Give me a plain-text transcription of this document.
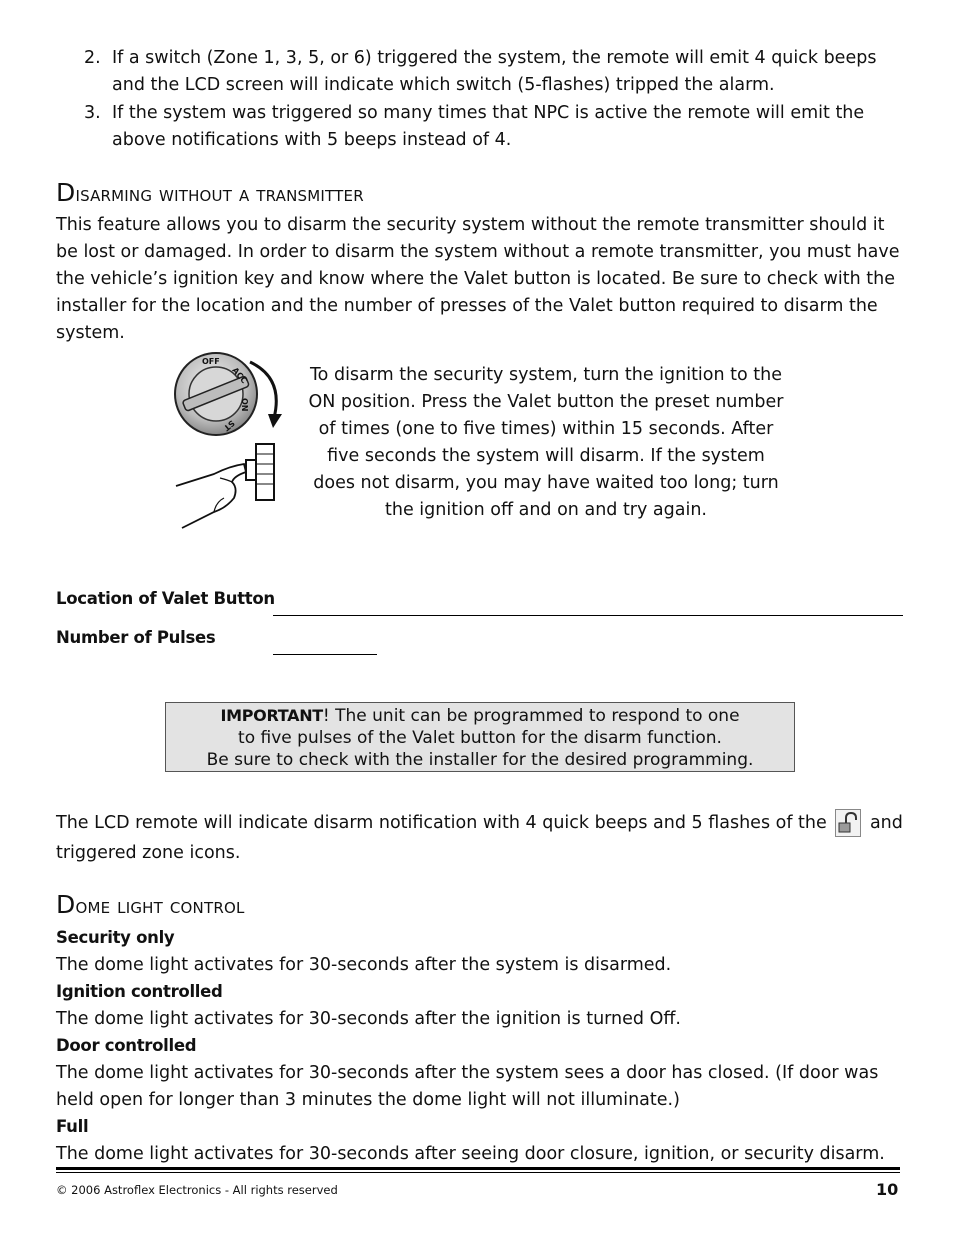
2. If a switch (Zone 1, 3, 5, or 6) triggered the system, the remote will emit 4 quick beeps and the LCD screen will indicate which switch (5-flashes) tripped the alarm.
3. If the system was triggered so many times that NPC is active the remote will emit the above notifications with 5 beeps instead of 4.
Disarming without a transmitter
This feature allows you to disarm the security system without the remote transmitter should it be lost or damaged. In order to disarm the system without a remote transmitter, you must have the vehicle’s ignition key and know where the Valet button is located. Be sure to check with the installer for the location and the number of presses of the Valet button required to disarm the system.
OFF
ACC
ON
ST
To disarm the security system, turn the ignition to the ON position. Press the Valet button the preset number of times (one to five times) within 15 seconds. After five seconds the system will disarm. If the system does not disarm, you may have waited too long; turn the ignition off and on and try again.
Location of Valet Button
Number of Pulses
IMPORTANT! The unit can be programmed to respond to one
to five pulses of the Valet button for the disarm function.
Be sure to check with the installer for the desired programming.
The LCD remote will indicate disarm notification with 4 quick beeps and 5 flashes of the and
triggered zone icons.
Dome light control
Security only
The dome light activates for 30-seconds after the system is disarmed.
Ignition controlled
The dome light activates for 30-seconds after the ignition is turned Off.
Door controlled
The dome light activates for 30-seconds after the system sees a door has closed. (If door was held open for longer than 3 minutes the dome light will not illuminate.)
Full
The dome light activates for 30-seconds after seeing door closure, ignition, or security disarm.
© 2006 Astroflex Electronics - All rights reserved	10
